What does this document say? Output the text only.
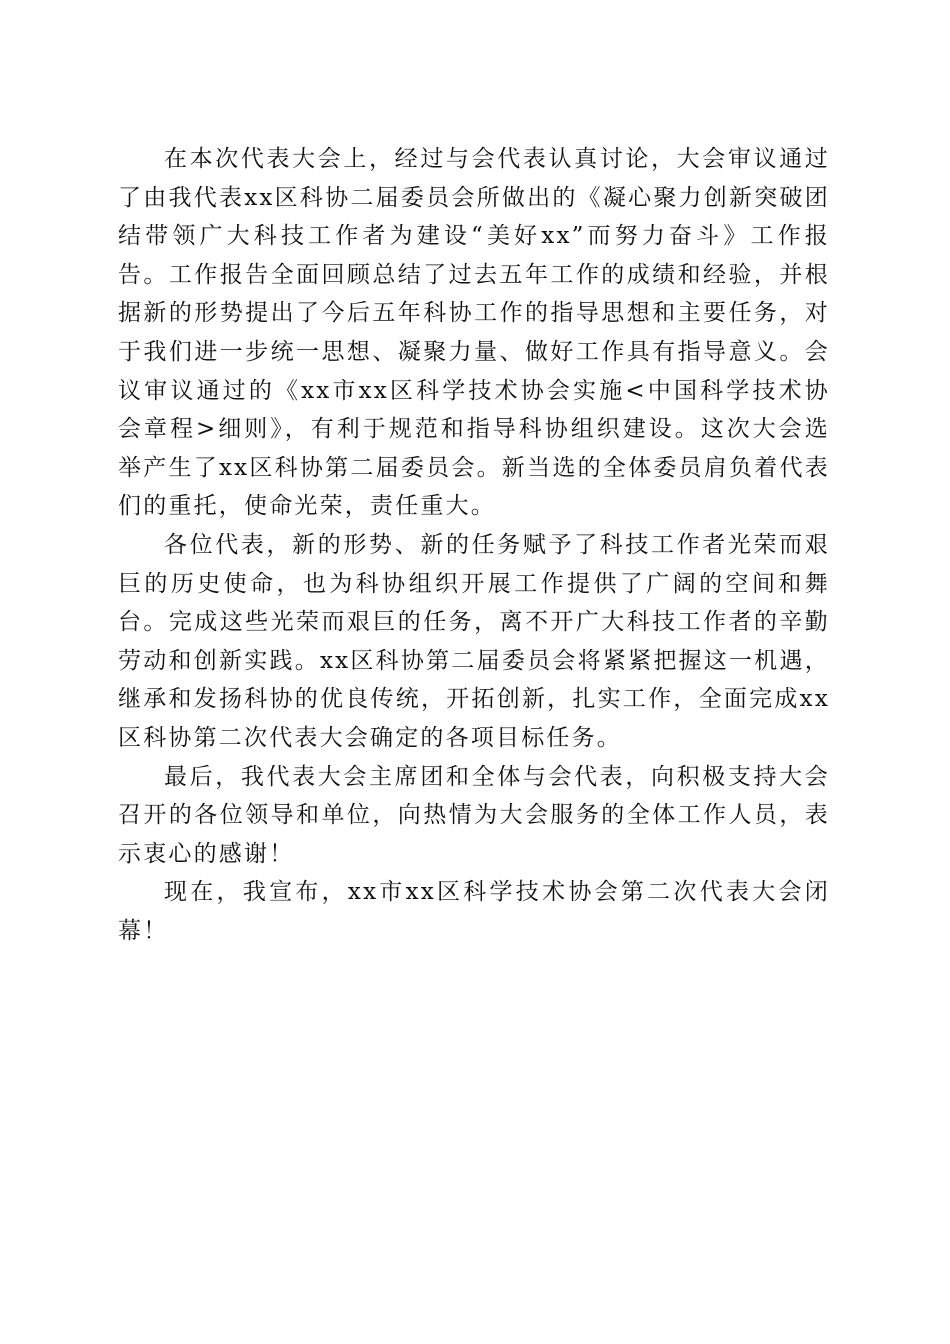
在本次代表大会上，经过与会代表认真讨论，大会审议通过了由我代表xx区科协二届委员会所做出的《凝心聚力创新突破团结带领广大科技工作者为建设“美好xx”而努力奋斗》工作报告。工作报告全面回顾总结了过去五年工作的成绩和经验，并根据新的形势提出了今后五年科协工作的指导思想和主要任务，对于我们进一步统一思想、凝聚力量、做好工作具有指导意义。会议审议通过的《xx市xx区科学技术协会实施<中国科学技术协会章程>细则》，有利于规范和指导科协组织建设。这次大会选举产生了xx区科协第二届委员会。新当选的全体委员肩负着代表们的重托，使命光荣，责任重大。

各位代表，新的形势、新的任务赋予了科技工作者光荣而艰巨的历史使命，也为科协组织开展工作提供了广阔的空间和舞台。完成这些光荣而艰巨的任务，离不开广大科技工作者的辛勤劳动和创新实践。xx区科协第二届委员会将紧紧把握这一机遇，继承和发扬科协的优良传统，开拓创新，扎实工作，全面完成xx区科协第二次代表大会确定的各项目标任务。

最后，我代表大会主席团和全体与会代表，向积极支持大会召开的各位领导和单位，向热情为大会服务的全体工作人员，表示衷心的感谢！

现在，我宣布，xx市xx区科学技术协会第二次代表大会闭幕！
